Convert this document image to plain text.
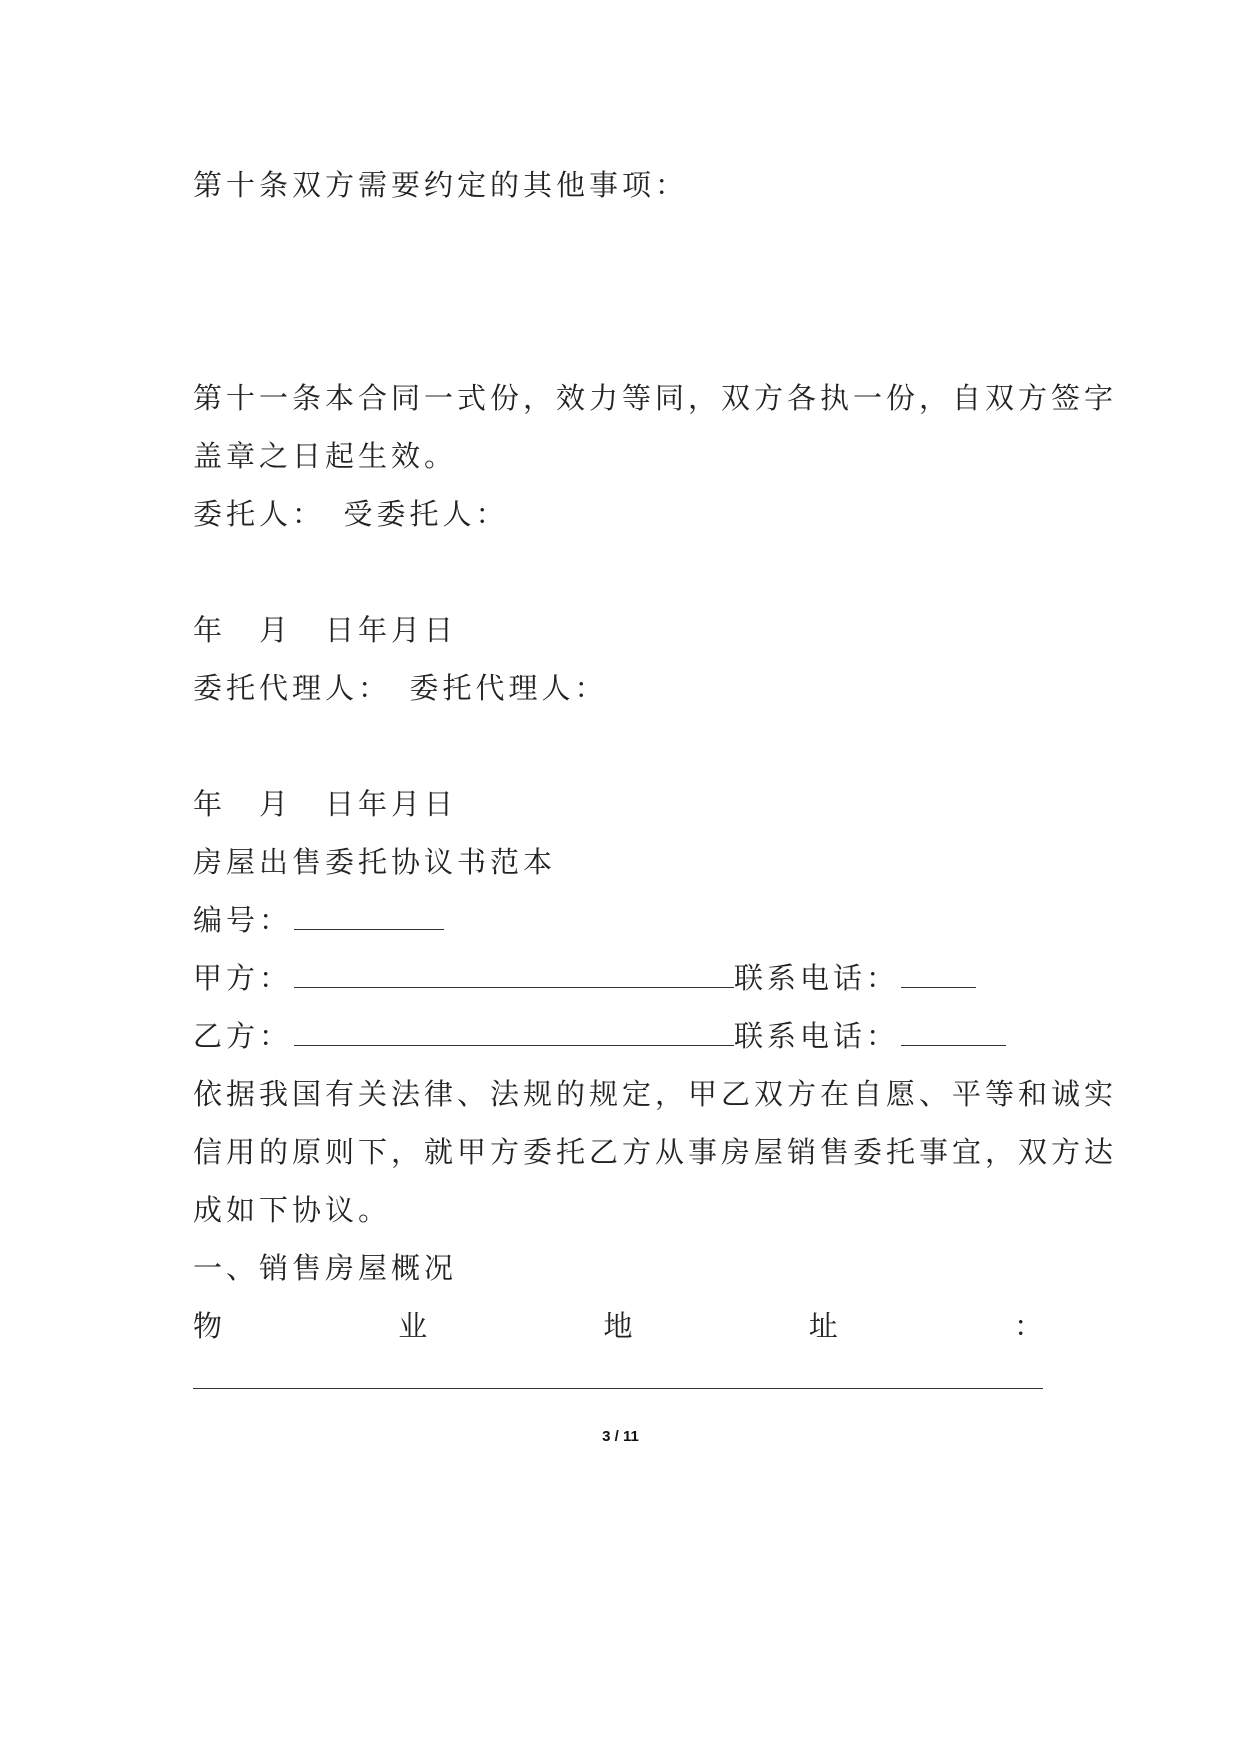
第十条双方需要约定的其他事项：
第十一条本合同一式份，效力等同，双方各执一份，自双方签字
盖章之日起生效。
委托人：　受委托人：
年　月　日年月日
委托代理人：　委托代理人：
年　月　日年月日
房屋出售委托协议书范本
编号：
甲方：	联系电话：
乙方：	联系电话：
依据我国有关法律、法规的规定，甲乙双方在自愿、平等和诚实
信用的原则下，就甲方委托乙方从事房屋销售委托事宜，双方达
成如下协议。
一、销售房屋概况
物	业	地	址	：
3 / 11
